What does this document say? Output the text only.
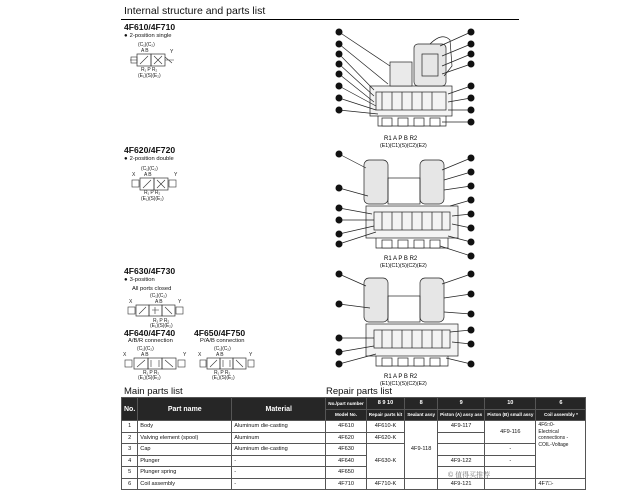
Internal structure and parts list
4F610/4F710
● 2-position single
(C₁)(C₂)
A B	Y
R₁ P R₂
(E₁)(S)(E₂)
4F620/4F720
● 2-position double
(C₁)(C₂)
X A B	Y
R₁ P R₂
(E₁)(S)(E₂)
4F630/4F730
● 3-position
All ports closed
(C₁)(C₂)
X	A B	Y
R₁ P R₂
(E₁)(S)(E₂)
4F640/4F740
A/B/R connection
(C₁)(C₂)
X	A B	Y
R₁ P R₂
(E₁)(S)(E₂)
4F650/4F750
P/A/B connection
(C₁)(C₂)
X	A B	Y
R₁ P R₂
(E₁)(S)(E₂)
R1 A P B R2
(E1)(C1)(S)(C2)(E2)
R1 A P B R2
(E1)(C1)(S)(C2)(E2)
R1 A P B R2
(E1)(C1)(S)(C2)(E2)
Main parts list	Repair parts list
No.	Part name	Material	No./part number	8 9 10	8	9	10	6
			Model No.	Repair parts kit	Sealant assy	Piston (A) assy ass	Piston (B) small assy	Coil assembly *
1	Body	Aluminum die-casting	4F610	4F610-K	4F9-118	4F9-117	4F9-116	4F6□0-
Electrical
connections -
COIL-Voltage

2	Valving element (spool)	Aluminum	4F620	4F620-K				
3	Cap	Aluminum die-casting	4F630	4F630-K			-	
4	Plunger	-	4F640			4F9-122	-	
5	Plunger spring	-	4F650					
6	Coil assembly	-	4F710	4F710-K		4F9-121		4F7□-
© 值得买推荐
